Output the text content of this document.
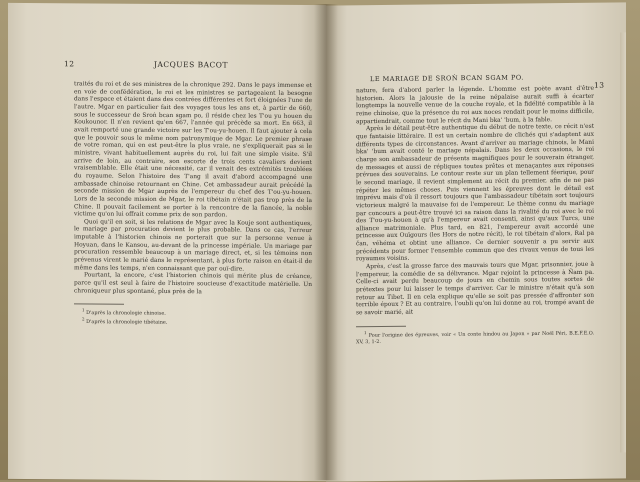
12	JACQUES BACOT

traités du roi et de ses ministres de la chronique 292. Dans le pays immense et en voie de confédération, le roi et les ministres se partageaient la besogne dans l'espace et étaient dans des contrées différentes et fort éloignées l'une de l'autre. Mgar en particulier fait des voyages tous les ans et, à partir de 660, sous le successeur de Sroṅ bcan sgam po, il réside chez les T'ou yu houen du Koukounor. Il n'en revient qu'en 667, l'année qui précède sa mort. En 663, il avait remporté une grande victoire sur les T'ou-yu-houen. Il faut ajouter à cela que le pouvoir sous le même nom patronymique de Mgar. Le premier phrase de votre roman, qui en est peut-être la plus vraie, ne s'expliquerait pas si le ministre, vivant habituellement auprès du roi, lui fait une simple visite. S'il arrive de loin, au contraire, son escorte de trois cents cavaliers devient vraisemblable. Elle était une nécessité, car il venait des extrémités troublées du royaume. Selon l'histoire des T'ang il avait d'abord accompagné une ambassade chinoise retournant en Chine. Cet ambassadeur aurait précédé la seconde mission de Mgar auprès de l'empereur du chef des T'ou-yu-houen. Lors de la seconde mission de Mgar, le roi tibétain n'était pas trop près de la Chine. Il pouvait facilement se porter à la rencontre de la fiancée, la noble victime qu'on lui offrait comme prix de son pardon.

Quoi qu'il en soit, si les relations de Mgar avec la Kouje sont authentiques, le mariage par procuration devient le plus probable. Dans ce cas, l'erreur imputable à l'historien chinois ne porterait que sur la personne venue à Hoyuan, dans le Kansou, au-devant de la princesse impériale. Un mariage par procuration ressemble beaucoup à un mariage direct, et, si les témoins non prévenus virent le marié dans le représentant, à plus forte raison en était-il de même dans les temps, n'en connaissant que par ouï-dire.

Pourtant, la encore, c'est l'historien chinois qui mérite plus de créance, parce qu'il est seul à faire de l'histoire soucieuse d'exactitude matérielle. Un chroniqueur plus spontané, plus près de la

$^1$ D'après la chronologie chinoise.

$^2$ D'après la chronologie tibétaine.

LE MARIAGE DE SROṄ BCAN SGAM PO.
13

nature, fera d'abord parler la légende. L'homme est poète avant d'être historien. Alors la jalousie de la reine népalaise aurait suffi à écarter longtemps la nouvelle venue de la couche royale, et la fidélité compatible à la reine chinoise, que la présence du roi aux noces rendait pour le moins difficile, appartiendrait, comme tout le récit du Mani bka' 'bum, à la fable.

Après le détail peut-être authentique du début de notre texte, ce récit n'est que fantaisie littéraire. Il est un certain nombre de clichés qui s'adaptent aux différents types de circonstances. Avant d'arriver au mariage chinois, le Mani bka' 'bum avait conté le mariage népalais. Dans les deux occasions, le roi charge son ambassadeur de présents magnifiques pour le souverain étranger, de messages et aussi de répliques toutes prêtes et menaçantes aux réponses prévues des souverains. Le contour reste sur un plan tellement féerique, pour le second mariage, il revient simplement au récit du premier, afin de ne pas répéter les mêmes choses. Puis viennent les épreuves dont le détail est imprévu mais d'où il ressort toujours que l'ambassadeur tibétain sort toujours victorieux malgré la mauvaise foi de l'empereur. Le thème connu du mariage par concours a peut-être trouvé ici sa raison dans la rivalité du roi avec le roi des T'ou-yu-houen à qu'à l'empereur avait consenti, ainsi qu'aux Turcs, une alliance matrimoniale. Plus tard, en 821, l'empereur avait accordé une princesse aux Ouïgours (les Hors de notre récit), le roi tibétain d'alors, Ral pa čan, véhéma et obtint une alliance. Ce dernier souvenir a pu servir aux précédents pour former l'ensemble commun que des rivaux venus de tous les royaumes voisins.

Après, c'est la grosse farce des mauvais tours que Mgar, prisonnier, joue à l'empereur, la comédie de sa délivrance. Mgar rejoint la princesse à Ñam pa. Celle-ci avait perdu beaucoup de jours en chemin sous toutes sortes de prétextes pour lui laisser le temps d'arriver. Car le ministre n'était qu'à son retour au Tibet. Il en cela explique qu'elle se soit pas pressée d'affronter son terrible époux ? Et au contraire, l'oubli qu'on lui donne au roi, trompé avant de se savoir marié, ait

$^1$ Pour l'origine des épreuves, voir « Un conte hindou au Japon » par Noël Péri, B.E.F.E.O. XV, 3, 1-2.
